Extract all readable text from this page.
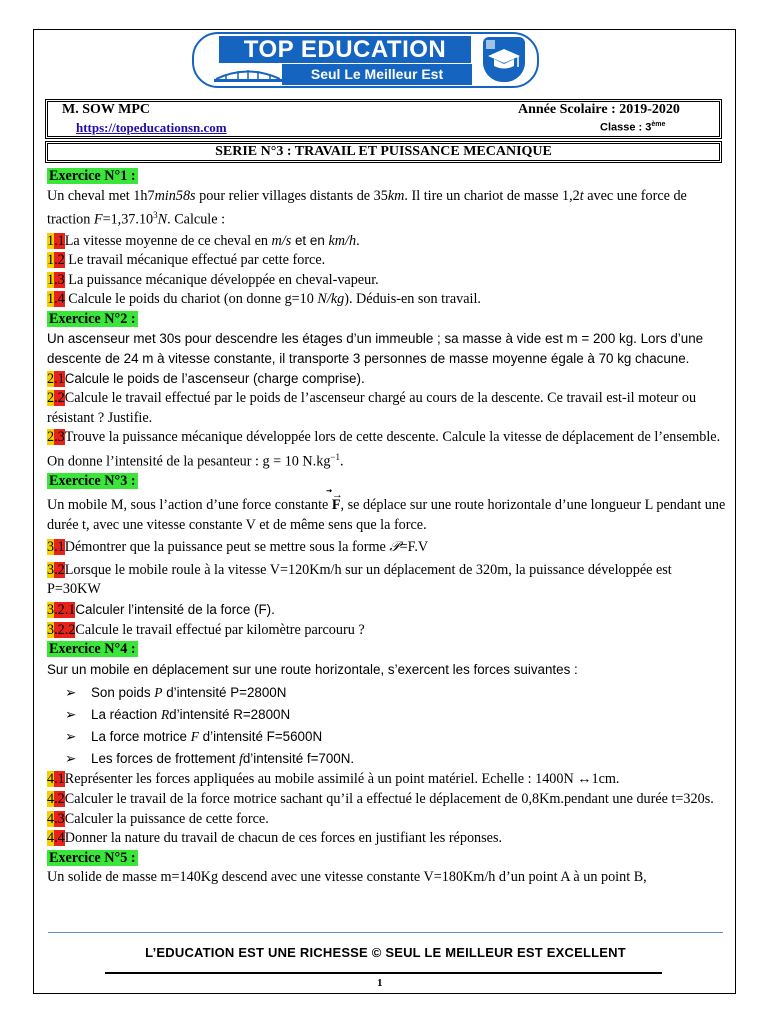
TOP EDUCATION
Seul Le Meilleur Est Excellent
M. SOW MPC
https://topeducationsn.com
Année Scolaire : 2019-2020
Classe : 3ème
SERIE N°3 : TRAVAIL ET PUISSANCE MECANIQUE

Exercice N°1 :

Un cheval met 1h7min58s pour relier villages distants de 35km. Il tire un chariot de masse 1,2t avec une force de traction $F=1,37.10^3N$. Calcule :

1.1La vitesse moyenne de ce cheval en m/s et en km/h.

1.2 Le travail mécanique effectué par cette force.

1.3 La puissance mécanique développée en cheval-vapeur.

1.4 Calcule le poids du chariot (on donne g=10 N/kg). Déduis-en son travail.

Exercice N°2 :

Un ascenseur met 30s pour descendre les étages d’un immeuble ; sa masse à vide est m = 200 kg. Lors d’une descente de 24 m à vitesse constante, il transporte 3 personnes de masse moyenne égale à 70 kg chacune.

2.1Calcule le poids de l’ascenseur (charge comprise).

2.2Calcule le travail effectué par le poids de l’ascenseur chargé au cours de la descente. Ce travail est-il moteur ou résistant ? Justifie.

2.3Trouve la puissance mécanique développée lors de cette descente. Calcule la vitesse de déplacement de l’ensemble. On donne l’intensité de la pesanteur : g = 10 $N.kg^{-1}$.

Exercice N°3 :

Un mobile M, sous l’action d’une force constante
⃗→
F, se déplace sur une route horizontale d’une longueur L pendant une durée t, avec une vitesse constante V et de même sens que la force.

3.1Démontrer que la puissance peut se mettre sous la forme 𝒫=F.V

3.2Lorsque le mobile roule à la vitesse V=120Km/h sur un déplacement de 320m, la puissance développée est P=30KW

3.2.1Calculer l’intensité de la force (F).

3.2.2Calcule le travail effectué par kilomètre parcouru ?

Exercice N°4 :

Sur un mobile en déplacement sur une route horizontale, s’exercent les forces suivantes :

➢ Son poids P d’intensité P=2800N

➢ La réaction Rd’intensité R=2800N

➢ La force motrice F d’intensité F=5600N

➢ Les forces de frottement fd’intensité f=700N.

4.1Représenter les forces appliquées au mobile assimilé à un point matériel. Echelle : 1400N ↔1cm.

4.2Calculer le travail de la force motrice sachant qu’il a effectué le déplacement de 0,8Km.pendant une durée t=320s.

4.3Calculer la puissance de cette force.

4.4Donner la nature du travail de chacun de ces forces en justifiant les réponses.

Exercice N°5 :

Un solide de masse m=140Kg descend avec une vitesse constante V=180Km/h d’un point A à un point B,

L’EDUCATION EST UNE RICHESSE © SEUL LE MEILLEUR EST EXCELLENT
1
